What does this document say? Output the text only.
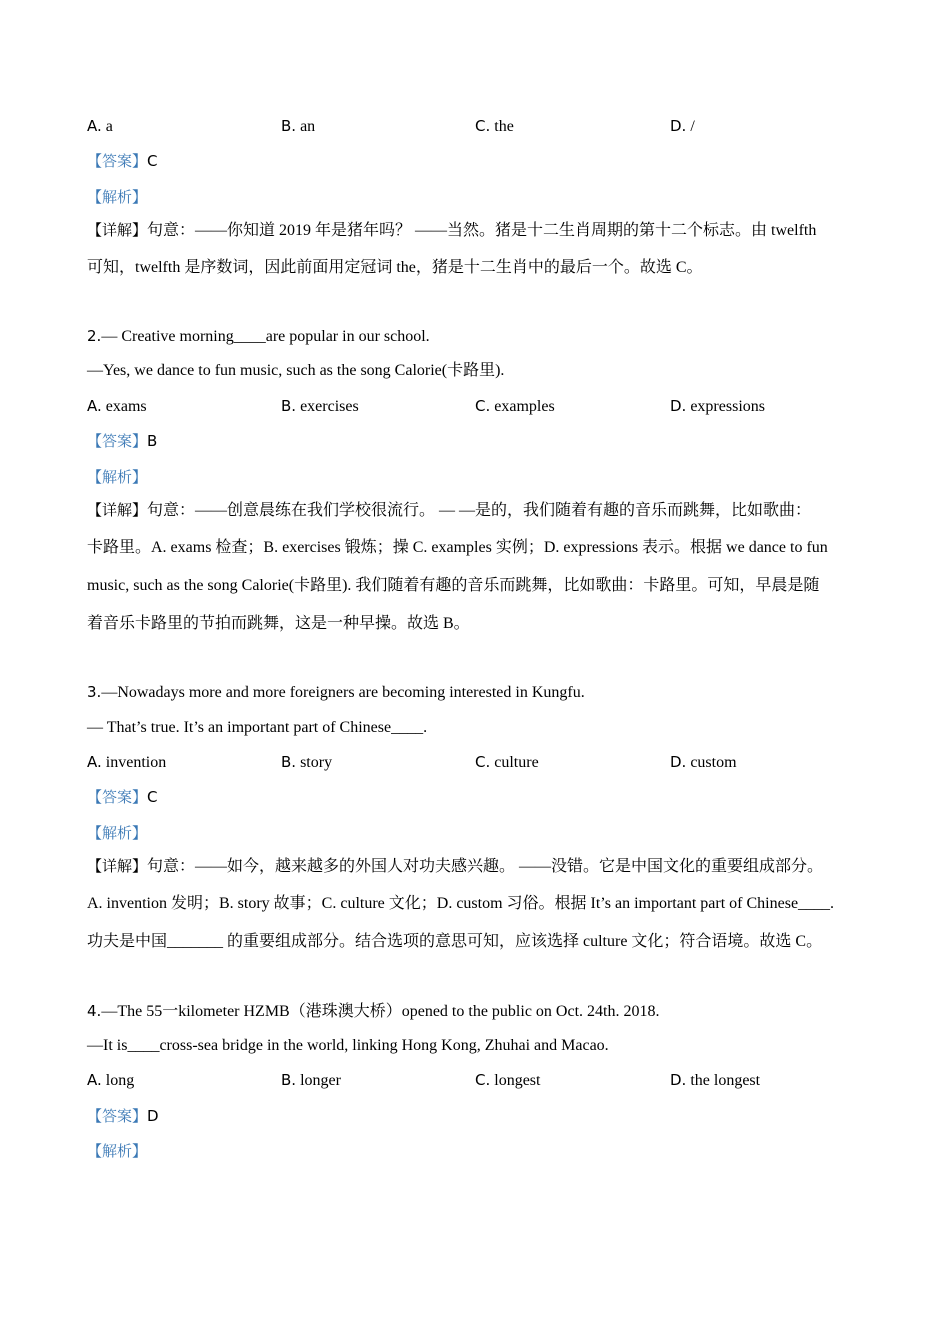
A. a	B. an	C. the	D. /
【答案】C
【解析】
【详解】句意：——你知道 2019 年是猪年吗？ ——当然。猪是十二生肖周期的第十二个标志。由 twelfth
可知，twelfth 是序数词，因此前面用定冠词 the，猪是十二生肖中的最后一个。故选 C。
2.— Creative morning____are popular in our school.
—Yes, we dance to fun music, such as the song Calorie(卡路里).
A. exams	B. exercises	C. examples	D. expressions
【答案】B
【解析】
【详解】句意：——创意晨练在我们学校很流行。 — —是的，我们随着有趣的音乐而跳舞，比如歌曲：
卡路里。A. exams 检查；B. exercises 锻炼；操 C. examples 实例；D. expressions 表示。根据 we dance to fun
music, such as the song Calorie(卡路里). 我们随着有趣的音乐而跳舞，比如歌曲：卡路里。可知，早晨是随
着音乐卡路里的节拍而跳舞，这是一种早操。故选 B。
3.—Nowadays more and more foreigners are becoming interested in Kungfu.
— That’s true. It’s an important part of Chinese____.
A. invention	B. story	C. culture	D. custom
【答案】C
【解析】
【详解】句意：——如今，越来越多的外国人对功夫感兴趣。 ——没错。它是中国文化的重要组成部分。
A. invention 发明；B. story 故事；C. culture 文化；D. custom 习俗。根据 It’s an important part of Chinese____.
功夫是中国_______ 的重要组成部分。结合选项的意思可知，应该选择 culture 文化；符合语境。故选 C。
4.—The 55一kilometer HZMB（港珠澳大桥）opened to the public on Oct. 24th. 2018.
—It is____cross-sea bridge in the world, linking Hong Kong, Zhuhai and Macao.
A. long	B. longer	C. longest	D. the longest
【答案】D
【解析】
